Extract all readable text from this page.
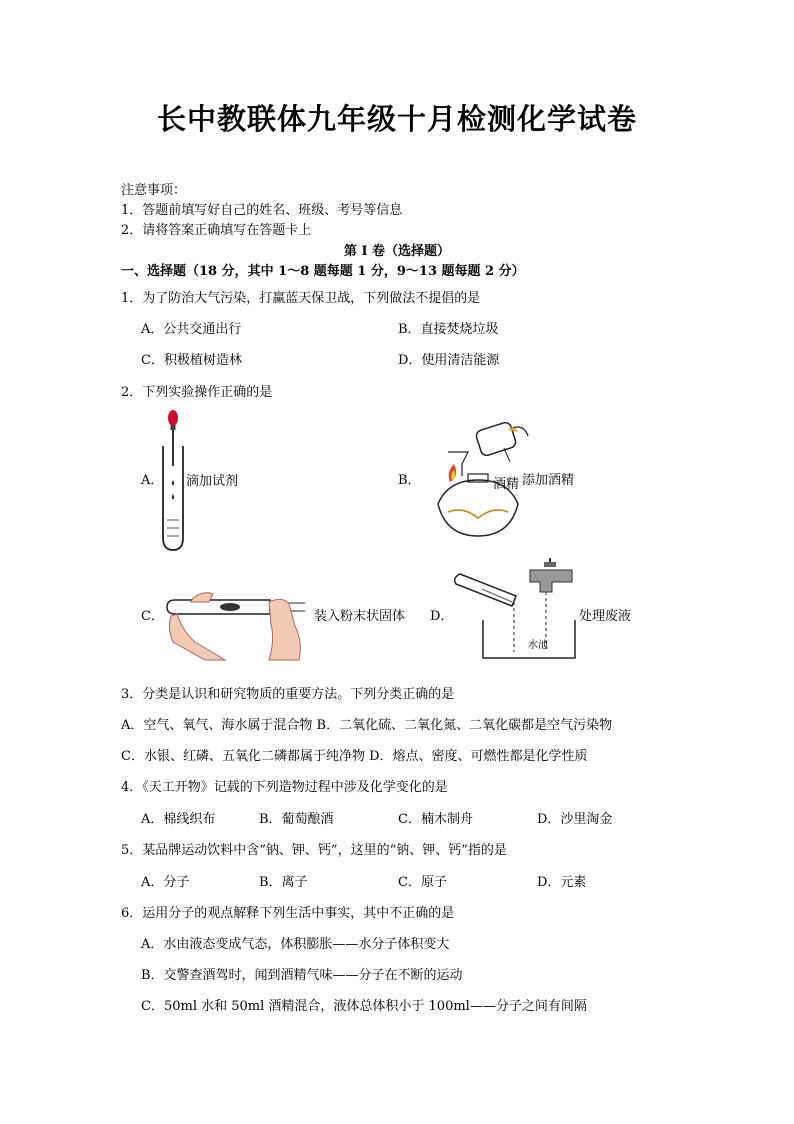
长中教联体九年级十月检测化学试卷
注意事项：
1．答题前填写好自己的姓名、班级、考号等信息
2．请将答案正确填写在答题卡上
第 I 卷（选择题）
一、选择题（18 分，其中 1～8 题每题 1 分，9～13 题每题 2 分）
1．为了防治大气污染，打赢蓝天保卫战，下列做法不提倡的是
A．公共交通出行	B．直接焚烧垃圾
C．积极植树造林	D．使用清洁能源
2．下列实验操作正确的是
A． 滴加试剂	B．	酒精 添加酒精
C．	装入粉末状固体 D．
水池
处理废液
3．分类是认识和研究物质的重要方法。下列分类正确的是
A．空气、氧气、海水属于混合物 B．二氧化硫、二氧化氮、二氧化碳都是空气污染物
C．水银、红磷、五氧化二磷都属于纯净物 D．熔点、密度、可燃性都是化学性质
4．《天工开物》记载的下列造物过程中涉及化学变化的是
A．棉线织布	B．葡萄酿酒	C．楠木制舟	D．沙里淘金
5．某品牌运动饮料中含“钠、钾、钙”，这里的“钠、钾、钙”指的是
A．分子	B．离子	C．原子	D．元素
6．运用分子的观点解释下列生活中事实，其中不正确的是
A．水由液态变成气态，体积膨胀——水分子体积变大
B．交警查酒驾时，闻到酒精气味——分子在不断的运动
C．50ml 水和 50ml 酒精混合，液体总体积小于 100ml——分子之间有间隔
